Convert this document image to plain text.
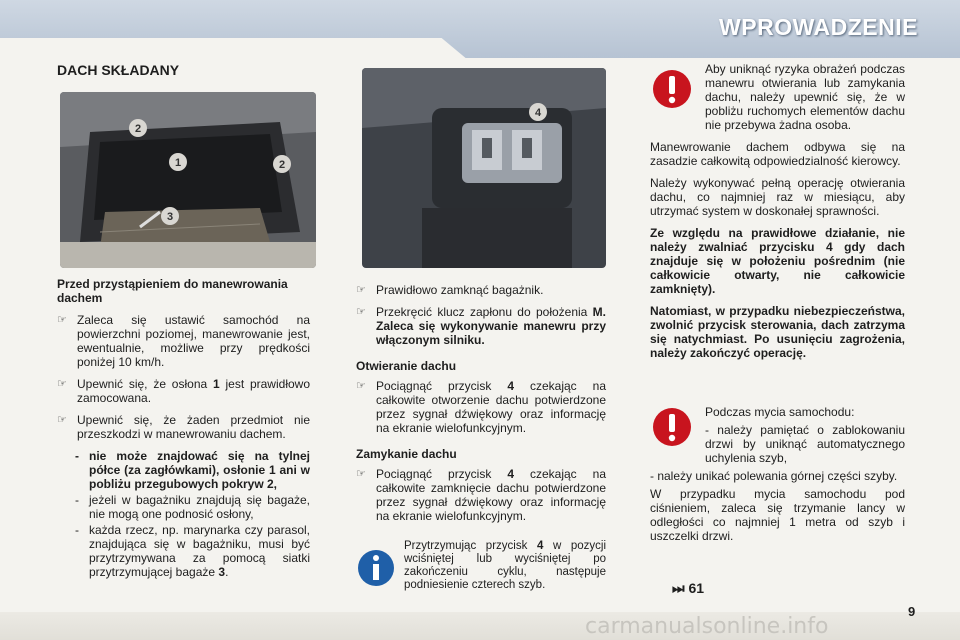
WPROWADZENIE
DACH SKŁADANY
2
1	2
3
4

Przed przystąpieniem do manewrowania dachem

☞ Zaleca się ustawić samochód na powierzchni poziomej, manewrowanie jest, ewentualnie, możliwe przy prędkości poniżej 10 km/h.
☞ Upewnić się, że osłona 1 jest prawidłowo zamocowana.
☞ Upewnić się, że żaden przedmiot nie przeszkodzi w manewrowaniu dachem.
- nie może znajdować się na tylnej półce (za zagłówkami), osłonie 1 ani w pobliżu przegubowych pokryw 2,
- jeżeli w bagażniku znajdują się bagaże, nie mogą one podnosić osłony,
- każda rzecz, np. marynarka czy parasol, znajdująca się w bagażniku, musi być przytrzymywana za pomocą siatki przytrzymującej bagaże 3.
☞ Prawidłowo zamknąć bagażnik.
☞ Przekręcić klucz zapłonu do położenia M. Zaleca się wykonywanie manewru przy włączonym silniku.
Otwieranie dachu
☞ Pociągnąć przycisk 4 czekając na całkowite otworzenie dachu potwierdzone przez sygnał dźwiękowy oraz informację na ekranie wielofunkcyjnym.
Zamykanie dachu
☞ Pociągnąć przycisk 4 czekając na całkowite zamknięcie dachu potwierdzone przez sygnał dźwiękowy oraz informację na ekranie wielofunkcyjnym.
Przytrzymując przycisk 4 w pozycji wciśniętej lub wyciśniętej po zakończeniu cyklu, następuje podniesienie czterech szyb.

Aby uniknąć ryzyka obrażeń podczas manewru otwierania lub zamykania dachu, należy upewnić się, że w pobliżu ruchomych elementów dachu nie przebywa żadna osoba.

Manewrowanie dachem odbywa się na zasadzie całkowitą odpowiedzialność kierowcy.

Należy wykonywać pełną operację otwierania dachu, co najmniej raz w miesiącu, aby utrzymać system w doskonałej sprawności.

Ze względu na prawidłowe działanie, nie należy zwalniać przycisku 4 gdy dach znajduje się w położeniu pośrednim (nie całkowicie otwarty, nie całkowicie zamknięty).

Natomiast, w przypadku niebezpieczeństwa, zwolnić przycisk sterowania, dach zatrzyma się natychmiast. Po usunięciu zagrożenia, należy zakończyć operację.

Podczas mycia samochodu:

- należy pamiętać o zablokowaniu drzwi by uniknąć automatycznego uchylenia szyb,

- należy unikać polewania górnej części szyby.

W przypadku mycia samochodu pod ciśnieniem, zaleca się trzymanie lancy w odległości co najmniej 1 metra od szyb i uszczelki drzwi.

⏭ 61
carmanualsonline.info
9
